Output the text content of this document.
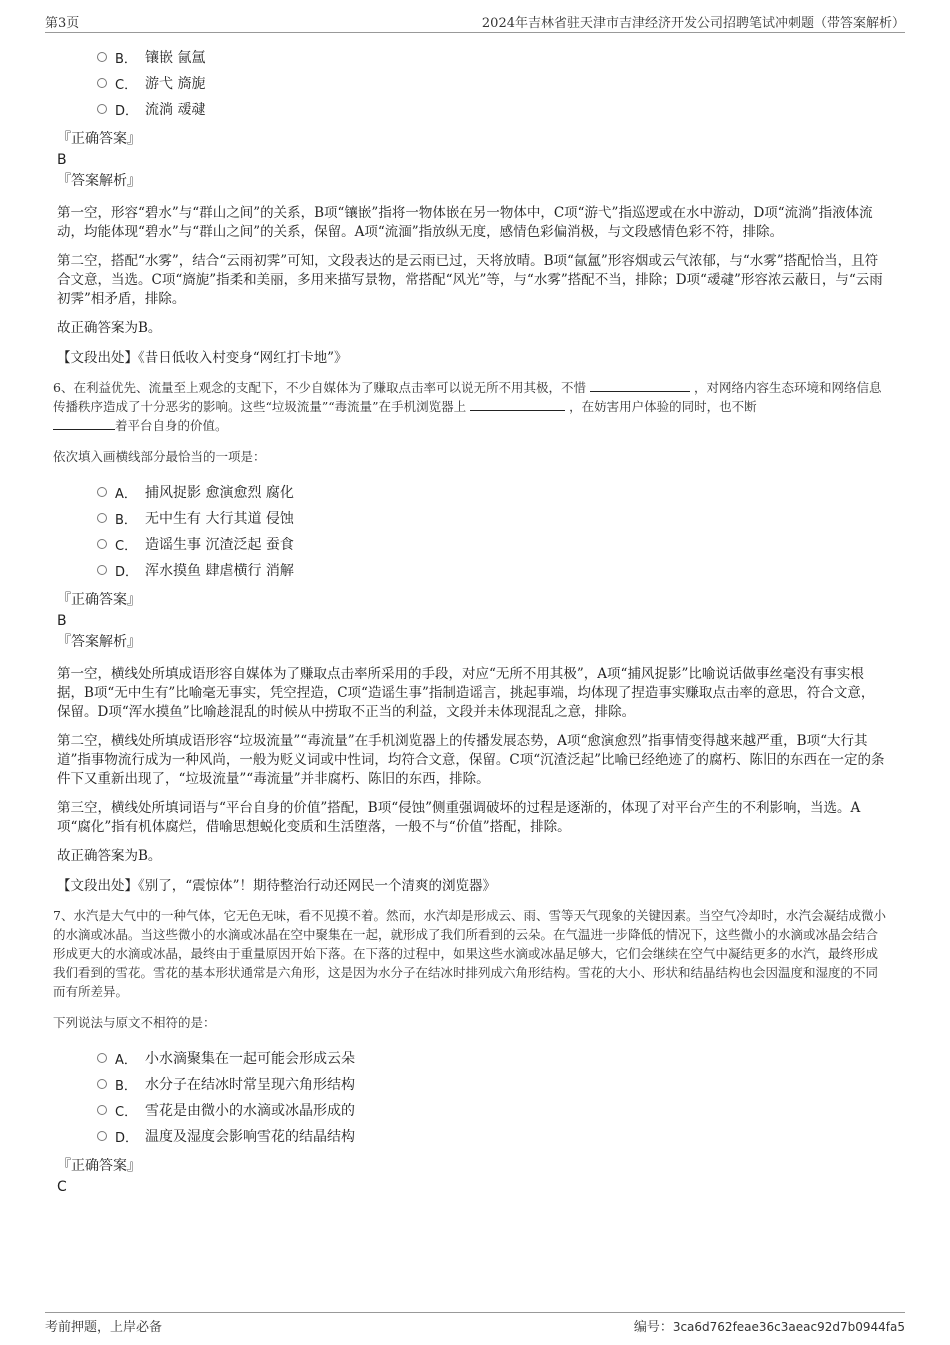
第3页	2024年吉林省驻天津市吉津经济开发公司招聘笔试冲刺题（带答案解析）
B． 镶嵌 氤氲
C． 游弋 旖旎
D． 流淌 叆叇
『正确答案』
B
『答案解析』
第一空，形容“碧水”与“群山之间”的关系，B项“镶嵌”指将一物体嵌在另一物体中，C项“游弋”指巡逻或在水中游动，D项“流淌”指液体流动，均能体现“碧水”与“群山之间”的关系，保留。A项“流湎”指放纵无度，感情色彩偏消极，与文段感情色彩不符，排除。
第二空，搭配“水雾”，结合“云雨初霁”可知，文段表达的是云雨已过，天将放晴。B项“氤氲”形容烟或云气浓郁，与“水雾”搭配恰当，且符合文意，当选。C项“旖旎”指柔和美丽，多用来描写景物，常搭配“风光”等，与“水雾”搭配不当，排除；D项“叆叇”形容浓云蔽日，与“云雨初霁”相矛盾，排除。
故正确答案为B。
【文段出处】《昔日低收入村变身“网红打卡地”》
6、在利益优先、流量至上观念的支配下，不少自媒体为了赚取点击率可以说无所不用其极，不惜	，对网络内容生态环境和网络信息传播秩序造成了十分恶劣的影响。这些“垃圾流量”“毒流量”在手机浏览器上	，在妨害用户体验的同时，也不断
着平台自身的价值。
依次填入画横线部分最恰当的一项是：
A． 捕风捉影 愈演愈烈 腐化
B． 无中生有 大行其道 侵蚀
C． 造谣生事 沉渣泛起 蚕食
D． 浑水摸鱼 肆虐横行 消解
『正确答案』
B
『答案解析』
第一空，横线处所填成语形容自媒体为了赚取点击率所采用的手段，对应“无所不用其极”，A项“捕风捉影”比喻说话做事丝毫没有事实根据，B项“无中生有”比喻毫无事实，凭空捏造，C项“造谣生事”指制造谣言，挑起事端，均体现了捏造事实赚取点击率的意思，符合文意，保留。D项“浑水摸鱼”比喻趁混乱的时候从中捞取不正当的利益，文段并未体现混乱之意，排除。
第二空，横线处所填成语形容“垃圾流量”“毒流量”在手机浏览器上的传播发展态势，A项“愈演愈烈”指事情变得越来越严重，B项“大行其道”指事物流行成为一种风尚，一般为贬义词或中性词，均符合文意，保留。C项“沉渣泛起”比喻已经绝迹了的腐朽、陈旧的东西在一定的条件下又重新出现了，“垃圾流量”“毒流量”并非腐朽、陈旧的东西，排除。
第三空，横线处所填词语与“平台自身的价值”搭配，B项“侵蚀”侧重强调破坏的过程是逐渐的，体现了对平台产生的不利影响，当选。A项“腐化”指有机体腐烂，借喻思想蜕化变质和生活堕落，一般不与“价值”搭配，排除。
故正确答案为B。
【文段出处】《别了，“震惊体”！期待整治行动还网民一个清爽的浏览器》
7、水汽是大气中的一种气体，它无色无味，看不见摸不着。然而，水汽却是形成云、雨、雪等天气现象的关键因素。当空气冷却时，水汽会凝结成微小的水滴或冰晶。当这些微小的水滴或冰晶在空中聚集在一起，就形成了我们所看到的云朵。在气温进一步降低的情况下，这些微小的水滴或冰晶会结合形成更大的水滴或冰晶，最终由于重量原因开始下落。在下落的过程中，如果这些水滴或冰晶足够大，它们会继续在空气中凝结更多的水汽，最终形成我们看到的雪花。雪花的基本形状通常是六角形，这是因为水分子在结冰时排列成六角形结构。雪花的大小、形状和结晶结构也会因温度和湿度的不同而有所差异。
下列说法与原文不相符的是：
A． 小水滴聚集在一起可能会形成云朵
B． 水分子在结冰时常呈现六角形结构
C． 雪花是由微小的水滴或冰晶形成的
D． 温度及湿度会影响雪花的结晶结构
『正确答案』
C
考前押题，上岸必备	编号：3ca6d762feae36c3aeac92d7b0944fa5
